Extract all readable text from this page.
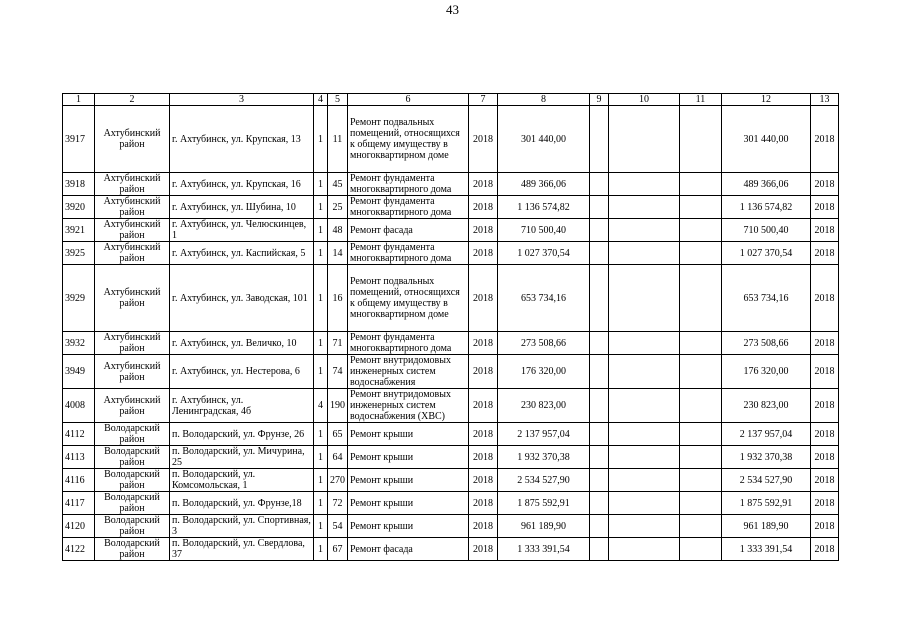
43
1	2	3	4	5	6	7	8	9	10	11	12	13
3917	Ахтубинский район	г. Ахтубинск, ул. Крупская, 13	1	11	Ремонт подвальных помещений, относящихся к общему имуществу в многоквартирном доме	2018	301 440,00				301 440,00	2018
3918	Ахтубинский район	г. Ахтубинск, ул. Крупская, 16	1	45	Ремонт фундамента многоквартирного дома	2018	489 366,06				489 366,06	2018
3920	Ахтубинский район	г. Ахтубинск, ул. Шубина, 10	1	25	Ремонт фундамента многоквартирного дома	2018	1 136 574,82				1 136 574,82	2018
3921	Ахтубинский район	г. Ахтубинск, ул. Челюскинцев, 1	1	48	Ремонт фасада	2018	710 500,40				710 500,40	2018
3925	Ахтубинский район	г. Ахтубинск, ул. Каспийская, 5	1	14	Ремонт фундамента многоквартирного дома	2018	1 027 370,54				1 027 370,54	2018
3929	Ахтубинский район	г. Ахтубинск, ул. Заводская, 101	1	16	Ремонт подвальных помещений, относящихся к общему имуществу в многоквартирном доме	2018	653 734,16				653 734,16	2018
3932	Ахтубинский район	г. Ахтубинск, ул. Величко, 10	1	71	Ремонт фундамента многоквартирного дома	2018	273 508,66				273 508,66	2018
3949	Ахтубинский район	г. Ахтубинск, ул. Нестерова, 6	1	74	Ремонт внутридомовых инженерных систем водоснабжения	2018	176 320,00				176 320,00	2018
4008	Ахтубинский район	г. Ахтубинск, ул. Ленинградская, 4б	4	190	Ремонт внутридомовых инженерных систем водоснабжения (ХВС)	2018	230 823,00				230 823,00	2018
4112	Володарский район	п. Володарский, ул. Фрунзе, 26	1	65	Ремонт крыши	2018	2 137 957,04				2 137 957,04	2018
4113	Володарский район	п. Володарский, ул. Мичурина, 25	1	64	Ремонт крыши	2018	1 932 370,38				1 932 370,38	2018
4116	Володарский район	п. Володарский, ул. Комсомольская, 1	1	270	Ремонт крыши	2018	2 534 527,90				2 534 527,90	2018
4117	Володарский район	п. Володарский, ул. Фрунзе,18	1	72	Ремонт крыши	2018	1 875 592,91				1 875 592,91	2018
4120	Володарский район	п. Володарский, ул. Спортивная, 3	1	54	Ремонт крыши	2018	961 189,90				961 189,90	2018
4122	Володарский район	п. Володарский, ул. Свердлова, 37	1	67	Ремонт фасада	2018	1 333 391,54				1 333 391,54	2018
